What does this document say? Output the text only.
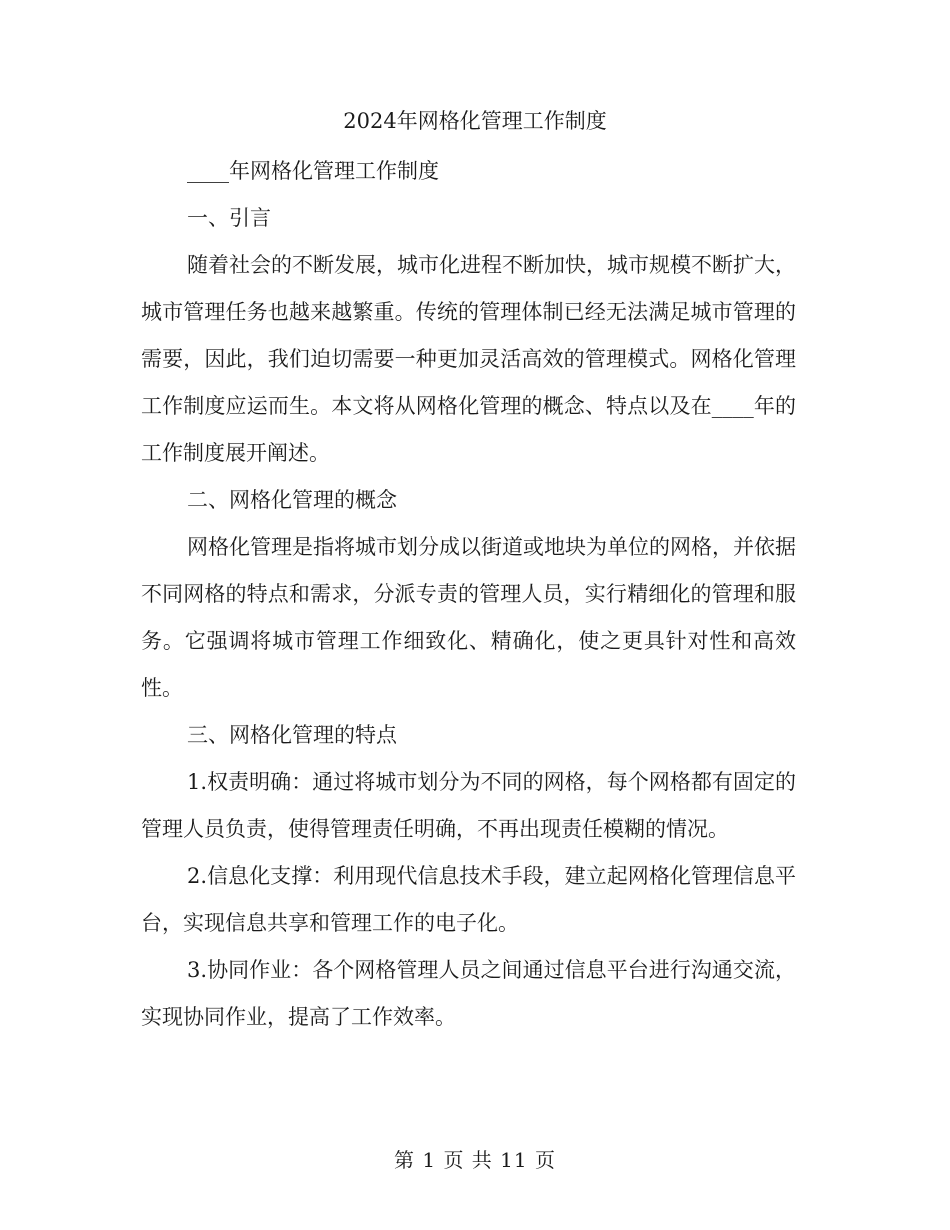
2024年网格化管理工作制度

____年网格化管理工作制度

一、引言

随着社会的不断发展，城市化进程不断加快，城市规模不断扩大，城市管理任务也越来越繁重。传统的管理体制已经无法满足城市管理的需要，因此，我们迫切需要一种更加灵活高效的管理模式。网格化管理工作制度应运而生。本文将从网格化管理的概念、特点以及在____年的工作制度展开阐述。

二、网格化管理的概念

网格化管理是指将城市划分成以街道或地块为单位的网格，并依据不同网格的特点和需求，分派专责的管理人员，实行精细化的管理和服务。它强调将城市管理工作细致化、精确化，使之更具针对性和高效性。

三、网格化管理的特点

1.权责明确：通过将城市划分为不同的网格，每个网格都有固定的管理人员负责，使得管理责任明确，不再出现责任模糊的情况。

2.信息化支撑：利用现代信息技术手段，建立起网格化管理信息平台，实现信息共享和管理工作的电子化。

3.协同作业：各个网格管理人员之间通过信息平台进行沟通交流，实现协同作业，提高了工作效率。

第 1 页 共 11 页
